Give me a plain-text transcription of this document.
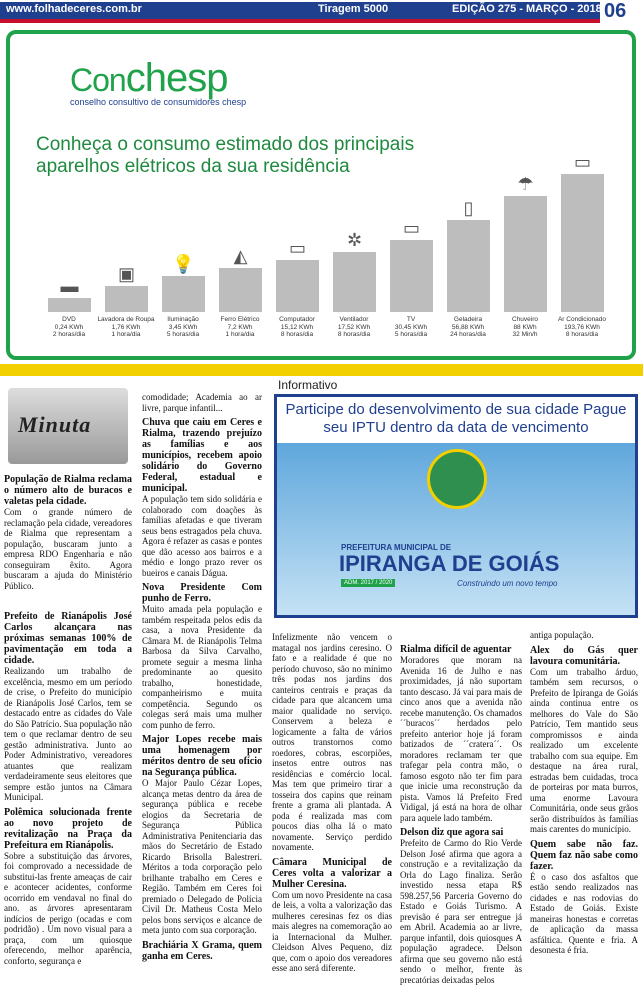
www.folhadeceres.com.br	Tiragem 5000	EDIÇÃO 275 - MARÇO - 2018 06
Conchesp
conselho consultivo de consumidores chesp
Conheça o consumo estimado dos principais aparelhos elétricos da sua residência
▬
DVD
0,24 KWh
2 horas/dia
▣
Lavadora de Roupa
1,76 KWh
1 hora/dia
💡
Iluminação
3,45 KWh
5 horas/dia
◭
Ferro Elétrico
7,2 KWh
1 hora/dia
▭
Computador
15,12 KWh
8 horas/dia
✲
Ventilador
17,52 KWh
8 horas/dia
▭
TV
30,45 KWh
5 horas/dia
▯
Geladeira
56,88 KWh
24 horas/dia
☂
Chuveiro
88 KWh
32 Min/h
▭
Ar Condicionado
193,76 KWh
8 horas/dia
Minuta
Informativo
Participe do desenvolvimento de sua cidade Pague seu IPTU dentro da data de vencimento
PREFEITURA MUNICIPAL DE
IPIRANGA DE GOIÁS
ADM. 2017 / 2020	Construindo um novo tempo
População de Rialma reclama o número alto de buracos e valetas pela cidade.

Com o grande número de reclamação pela cidade, vereadores de Rialma que representam a população, buscaram junto a empresa RDO Engenharia e não conseguiram êxito. Agora buscaram a ajuda do Ministério Público.

Prefeito de Rianápolis José Carlos alcançara nas próximas semanas 100% de pavimentação em toda a cidade.

Realizando um trabalho de excelência, mesmo em um período de crise, o Prefeito do município de Rianápolis José Carlos, tem se destacado entre as cidades do Vale do São Patrício. Sua população não tem o que reclamar dentro de seu gestão administrativa. Junto ao Poder Administrativo, vereadores atuantes que realizam verdadeiramente seus eleitores que sempre estão juntos na Câmara Municipal.

Polêmica solucionada frente ao novo projeto de revitalização na Praça da Prefeitura em Rianápolis.

Sobre a substituição das árvores, foi comprovado a necessidade de substitui-las frente ameaças de cair e acontecer acidentes, conforme ocorrido em vendaval no final do ano. as árvores apresentaram indícios de perigo (ocadas e com podridão) . Um novo visual para a praça, com um quiosque oferecendo, melhor aparência, conforto, segurança e

comodidade; Academia ao ar livre, parque infantil...

Chuva que caiu em Ceres e Rialma, trazendo prejuízo as famílias e aos municípios, recebem apoio solidário do Governo Federal, estadual e municipal.

A população tem sido solidária e colaborado com doações às famílias afetadas e que tiveram seus bens estragados pela chuva. Agora é refazer as casas e pontes que dão acesso aos bairros e a médio e longo prazo rever os bueiros e canais Dágua.

Nova Presidente Com punho de Ferro.

Muito amada pela população e também respeitada pelos edis da casa, a nova Presidente da Câmara M. de Rianápolis Telma Barbosa da Silva Carvalho, promete seguir a mesma linha predominante ao quesito trabalho, honestidade, companheirismo e muita competência. Segundo os colegas será mais uma mulher com punho de ferro.

Major Lopes recebe mais uma homenagem por méritos dentro de seu ofício na Segurança pública.

O Major Paulo Cézar Lopes, alcança metas dentro da área de segurança pública e recebe elogios da Secretaria de Segurança Pública Administrativa Penitenciaria das mãos do Secretário de Estado Ricardo Brisolla Balestreri. Méritos a toda corporação pelo brilhante trabalho em Ceres e Região. Também em Ceres foi premiado o Delegado de Polícia Civil Dr. Matheus Costa Melo pelos bons serviços e alcance de meta junto com sua corporação.

Brachiária X Grama, quem ganha em Ceres.

Infelizmente não vencem o matagal nos jardins ceresino. O fato e a realidade é que no período chuvoso, são no mínimo três podas nos jardins dos canteiros centrais e praças da cidade para que alcancem uma maior qualidade no serviço. Conservem a beleza e logicamente a falta de vários outros transtornos como roedores, cobras, escorpiões, insetos entre outros nas residências e comércio local. Mas tem que primeiro tirar a tosseira dos capins que reinam frente a grama ali plantada. A poda é realizada mas com poucos dias olha lá o mato novamente. Serviço perdido novamente.

Câmara Municipal de Ceres volta a valorizar a Mulher Ceresina.

Com um novo Presidente na casa de leis, a volta a valorização das mulheres ceresinas fez os dias mais alegres na comemoração ao ia Internacional da Mulher. Cleidson Alves Pequeno, diz que, com o apoio dos vereadores esse ano será diferente.

Rialma difícil de aguentar

Moradores que moram na Avenida 16 de Julho e nas proximidades, já não suportam tanto descaso. Já vai para mais de cinco anos que a avenida não recebe manutenção. Os chamados ´´buracos´´ herdados pelo prefeito anterior hoje já foram batizados de ´´cratera´´. Os moradores reclamam ter que trafegar pela contra mão, o famoso esgoto não ter fim para que inicie uma reconstrução da pista. Vamos lá Prefeito Fred Vidigal, já está na hora de olhar para aquele lado também.

Delson diz que agora sai

Prefeito de Carmo do Rio Verde Delson José afirma que agora a construção e a revitalização da Orla do Lago finaliza. Serão investido nessa etapa R$ 598.257,56 Parceria Governo do Estado e Goiás Turismo. A previsão é para ser entregue já em Abril. Academia ao ar livre, parque infantil, dois quiosques A população agradece. Delson afirma que seu governo não está sendo o melhor, frente às precatórias deixadas pelos

antiga população.

Alex do Gás quer lavoura comunitária.

Com um trabalho árduo, também sem recursos, o Prefeito de Ipiranga de Goiás ainda continua entre os melhores do Vale do São Patrício, Tem mantido seus compromissos e ainda realizado um excelente trabalho com sua equipe. Em destaque na área rural, estradas bem cuidadas, troca de porteiras por mata burros, uma enorme Lavoura Comunitária, onde seus grãos serão distribuídos às famílias mais carentes do município.

Quem sabe não faz. Quem faz não sabe como fazer.

É o caso dos asfaltos que estão sendo realizados nas cidades e nas rodovias do Estado de Goiás. Existe maneiras honestas e corretas de aplicação da massa asfáltica. Quente e fria. A desonesta é fria.
